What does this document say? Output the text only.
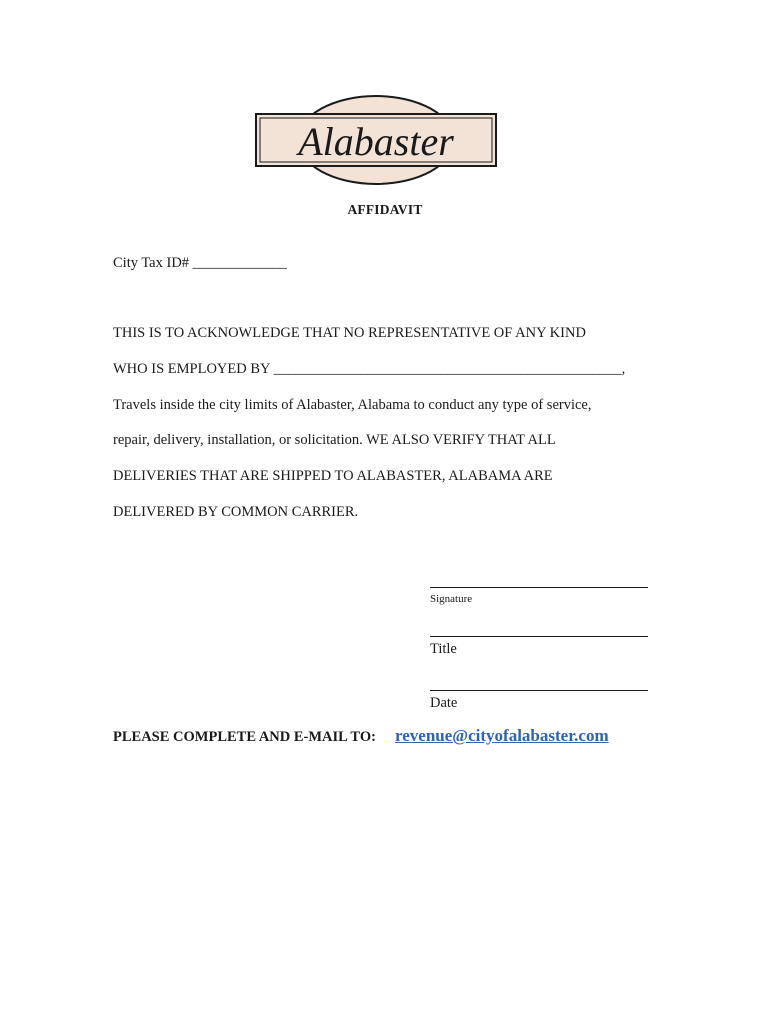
Alabaster
AFFIDAVIT
City Tax ID# _____________
THIS IS TO ACKNOWLEDGE THAT NO REPRESENTATIVE OF ANY KIND
WHO IS EMPLOYED BY ________________________________________________,
Travels inside the city limits of Alabaster, Alabama to conduct any type of service,
repair, delivery, installation, or solicitation. WE ALSO VERIFY THAT ALL
DELIVERIES THAT ARE SHIPPED TO ALABASTER, ALABAMA ARE
DELIVERED BY COMMON CARRIER.
Signature
Title
Date
PLEASE COMPLETE AND E-MAIL TO: revenue@cityofalabaster.com
